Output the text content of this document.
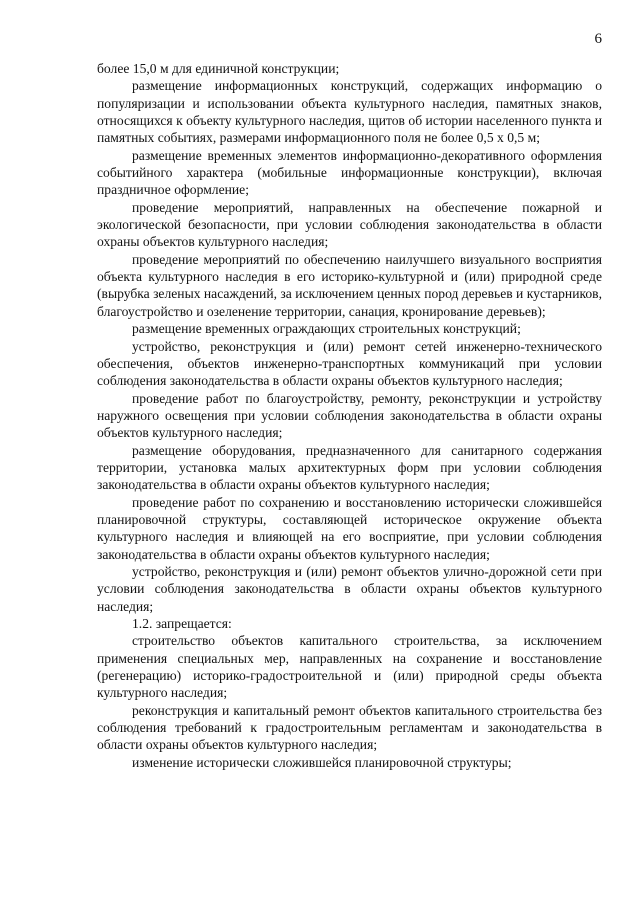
6

более 15,0 м для единичной конструкции;

размещение информационных конструкций, содержащих информацию о популяризации и использовании объекта культурного наследия, памятных знаков, относящихся к объекту культурного наследия, щитов об истории населенного пункта и памятных событиях, размерами информационного поля не более 0,5 х 0,5 м;

размещение временных элементов информационно-декоративного оформления событийного характера (мобильные информационные конструкции), включая праздничное оформление;

проведение мероприятий, направленных на обеспечение пожарной и экологической безопасности, при условии соблюдения законодательства в области охраны объектов культурного наследия;

проведение мероприятий по обеспечению наилучшего визуального восприятия объекта культурного наследия в его историко-культурной и (или) природной среде (вырубка зеленых насаждений, за исключением ценных пород деревьев и кустарников, благоустройство и озеленение территории, санация, кронирование деревьев);

размещение временных ограждающих строительных конструкций;

устройство, реконструкция и (или) ремонт сетей инженерно-технического обеспечения, объектов инженерно-транспортных коммуникаций при условии соблюдения законодательства в области охраны объектов культурного наследия;

проведение работ по благоустройству, ремонту, реконструкции и устройству наружного освещения при условии соблюдения законодательства в области охраны объектов культурного наследия;

размещение оборудования, предназначенного для санитарного содержания территории, установка малых архитектурных форм при условии соблюдения законодательства в области охраны объектов культурного наследия;

проведение работ по сохранению и восстановлению исторически сложившейся планировочной структуры, составляющей историческое окружение объекта культурного наследия и влияющей на его восприятие, при условии соблюдения законодательства в области охраны объектов культурного наследия;

устройство, реконструкция и (или) ремонт объектов улично-дорожной сети при условии соблюдения законодательства в области охраны объектов культурного наследия;

1.2. запрещается:

строительство объектов капитального строительства, за исключением применения специальных мер, направленных на сохранение и восстановление (регенерацию) историко-градостроительной и (или) природной среды объекта культурного наследия;

реконструкция и капитальный ремонт объектов капитального строительства без соблюдения требований к градостроительным регламентам и законодательства в области охраны объектов культурного наследия;

изменение исторически сложившейся планировочной структуры;
